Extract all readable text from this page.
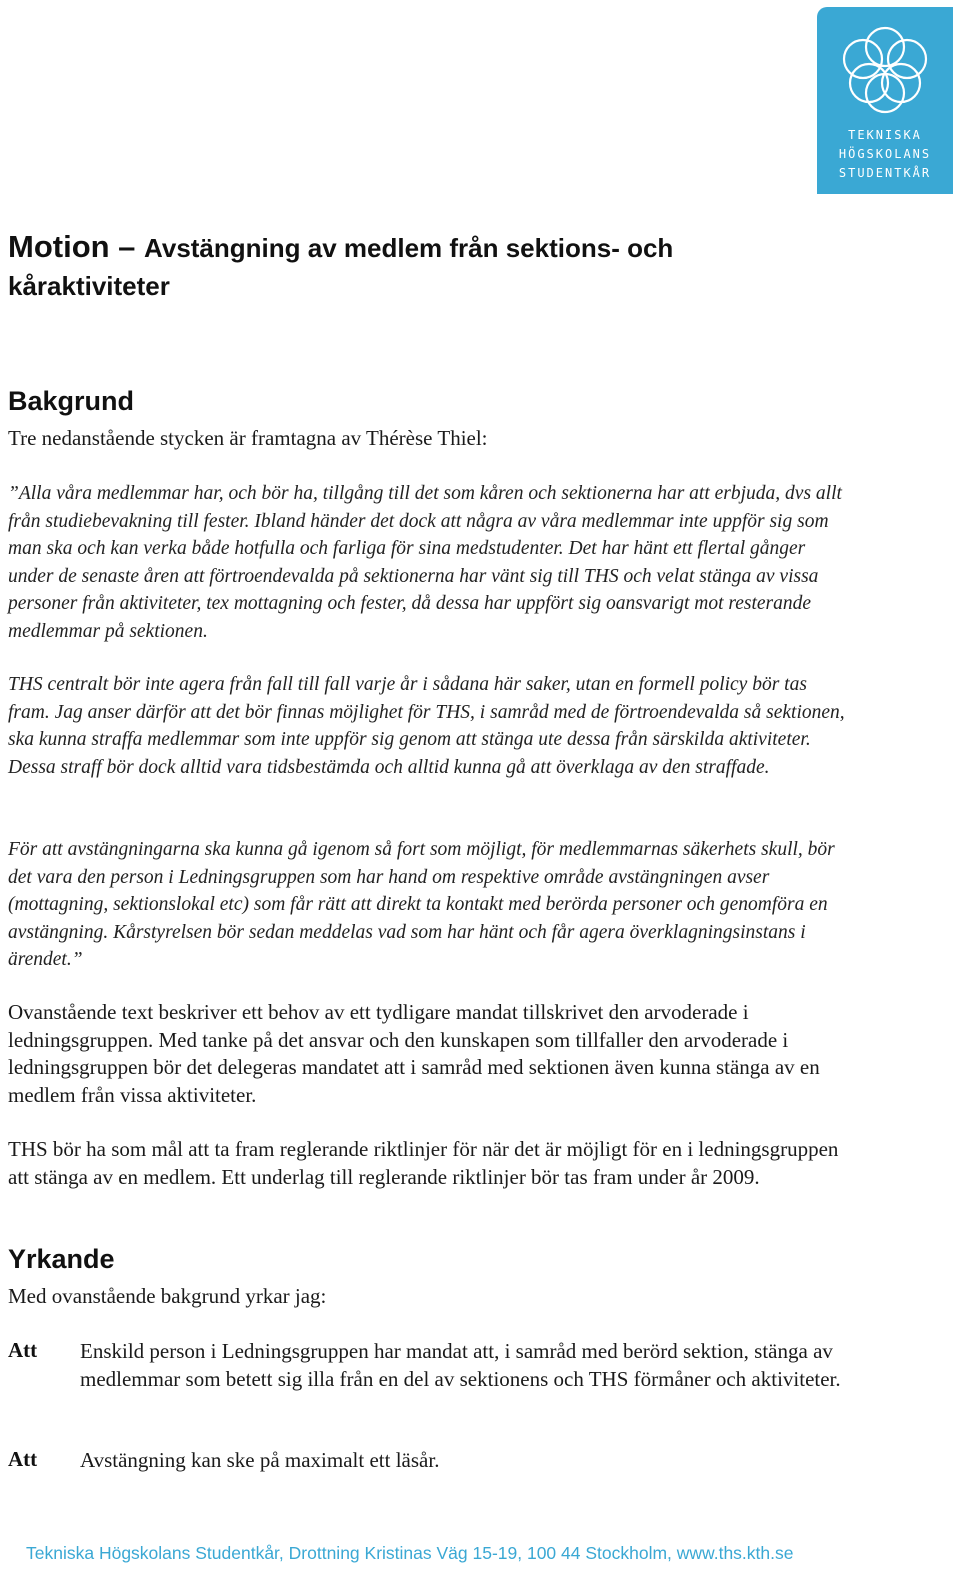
TEKNISKA
HÖGSKOLANS
STUDENTKÅR
Motion – Avstängning av medlem från sektions- och kåraktiviteter
Bakgrund

Tre nedanstående stycken är framtagna av Thérèse Thiel:

”Alla våra medlemmar har, och bör ha, tillgång till det som kåren och sektionerna har att erbjuda, dvs allt från studiebevakning till fester. Ibland händer det dock att några av våra medlemmar inte uppför sig som man ska och kan verka både hotfulla och farliga för sina medstudenter. Det har hänt ett flertal gånger under de senaste åren att förtroendevalda på sektionerna har vänt sig till THS och velat stänga av vissa personer från aktiviteter, tex mottagning och fester, då dessa har uppfört sig oansvarigt mot resterande medlemmar på sektionen.

THS centralt bör inte agera från fall till fall varje år i sådana här saker, utan en formell policy bör tas fram. Jag anser därför att det bör finnas möjlighet för THS, i samråd med de förtroendevalda så sektionen, ska kunna straffa medlemmar som inte uppför sig genom att stänga ute dessa från särskilda aktiviteter. Dessa straff bör dock alltid vara tidsbestämda och alltid kunna gå att överklaga av den straffade.

För att avstängningarna ska kunna gå igenom så fort som möjligt, för medlemmarnas säkerhets skull, bör det vara den person i Ledningsgruppen som har hand om respektive område avstängningen avser (mottagning, sektionslokal etc) som får rätt att direkt ta kontakt med berörda personer och genomföra en avstängning. Kårstyrelsen bör sedan meddelas vad som har hänt och får agera överklagningsinstans i ärendet.”

Ovanstående text beskriver ett behov av ett tydligare mandat tillskrivet den arvoderade i ledningsgruppen. Med tanke på det ansvar och den kunskapen som tillfaller den arvoderade i ledningsgruppen bör det delegeras mandatet att i samråd med sektionen även kunna stänga av en medlem från vissa aktiviteter.

THS bör ha som mål att ta fram reglerande riktlinjer för när det är möjligt för en i ledningsgruppen att stänga av en medlem. Ett underlag till reglerande riktlinjer bör tas fram under år 2009.

Yrkande

Med ovanstående bakgrund yrkar jag:

Att Enskild person i Ledningsgruppen har mandat att, i samråd med berörd sektion, stänga av medlemmar som betett sig illa från en del av sektionens och THS förmåner och aktiviteter.
Att Avstängning kan ske på maximalt ett läsår.
Tekniska Högskolans Studentkår, Drottning Kristinas Väg 15-19, 100 44 Stockholm, www.ths.kth.se
